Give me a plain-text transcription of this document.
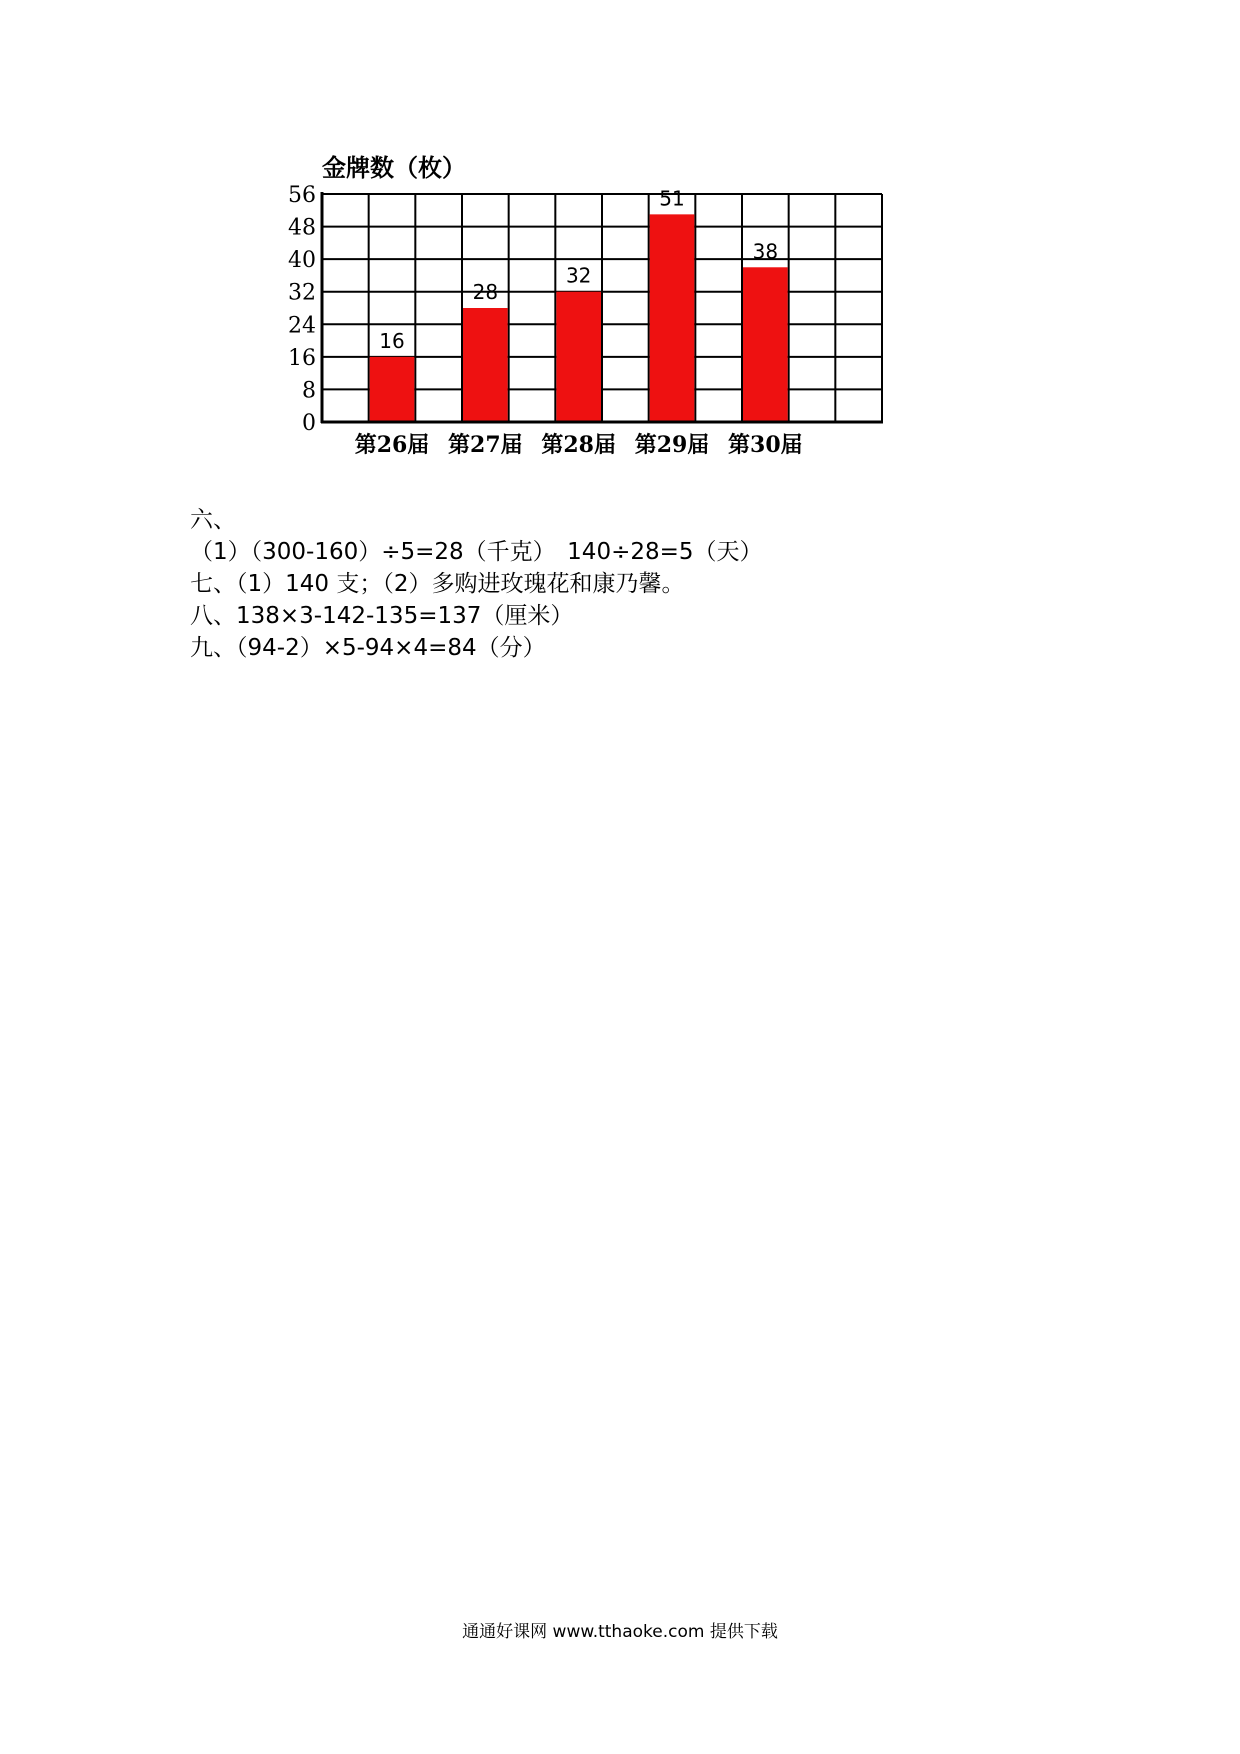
0
8
16
24
32
40
48
56
16
第26届
28
第27届
32
第28届
51
第29届
38
第30届
金牌数（枚）
六、
（1）（300-160）÷5=28（千克）　140÷28=5（天）
七、（1）140 支；（2）多购进玫瑰花和康乃馨。
八、138×3-142-135=137（厘米）
九、（94-2）×5-94×4=84（分）
通通好课网 www.tthaoke.com 提供下载
